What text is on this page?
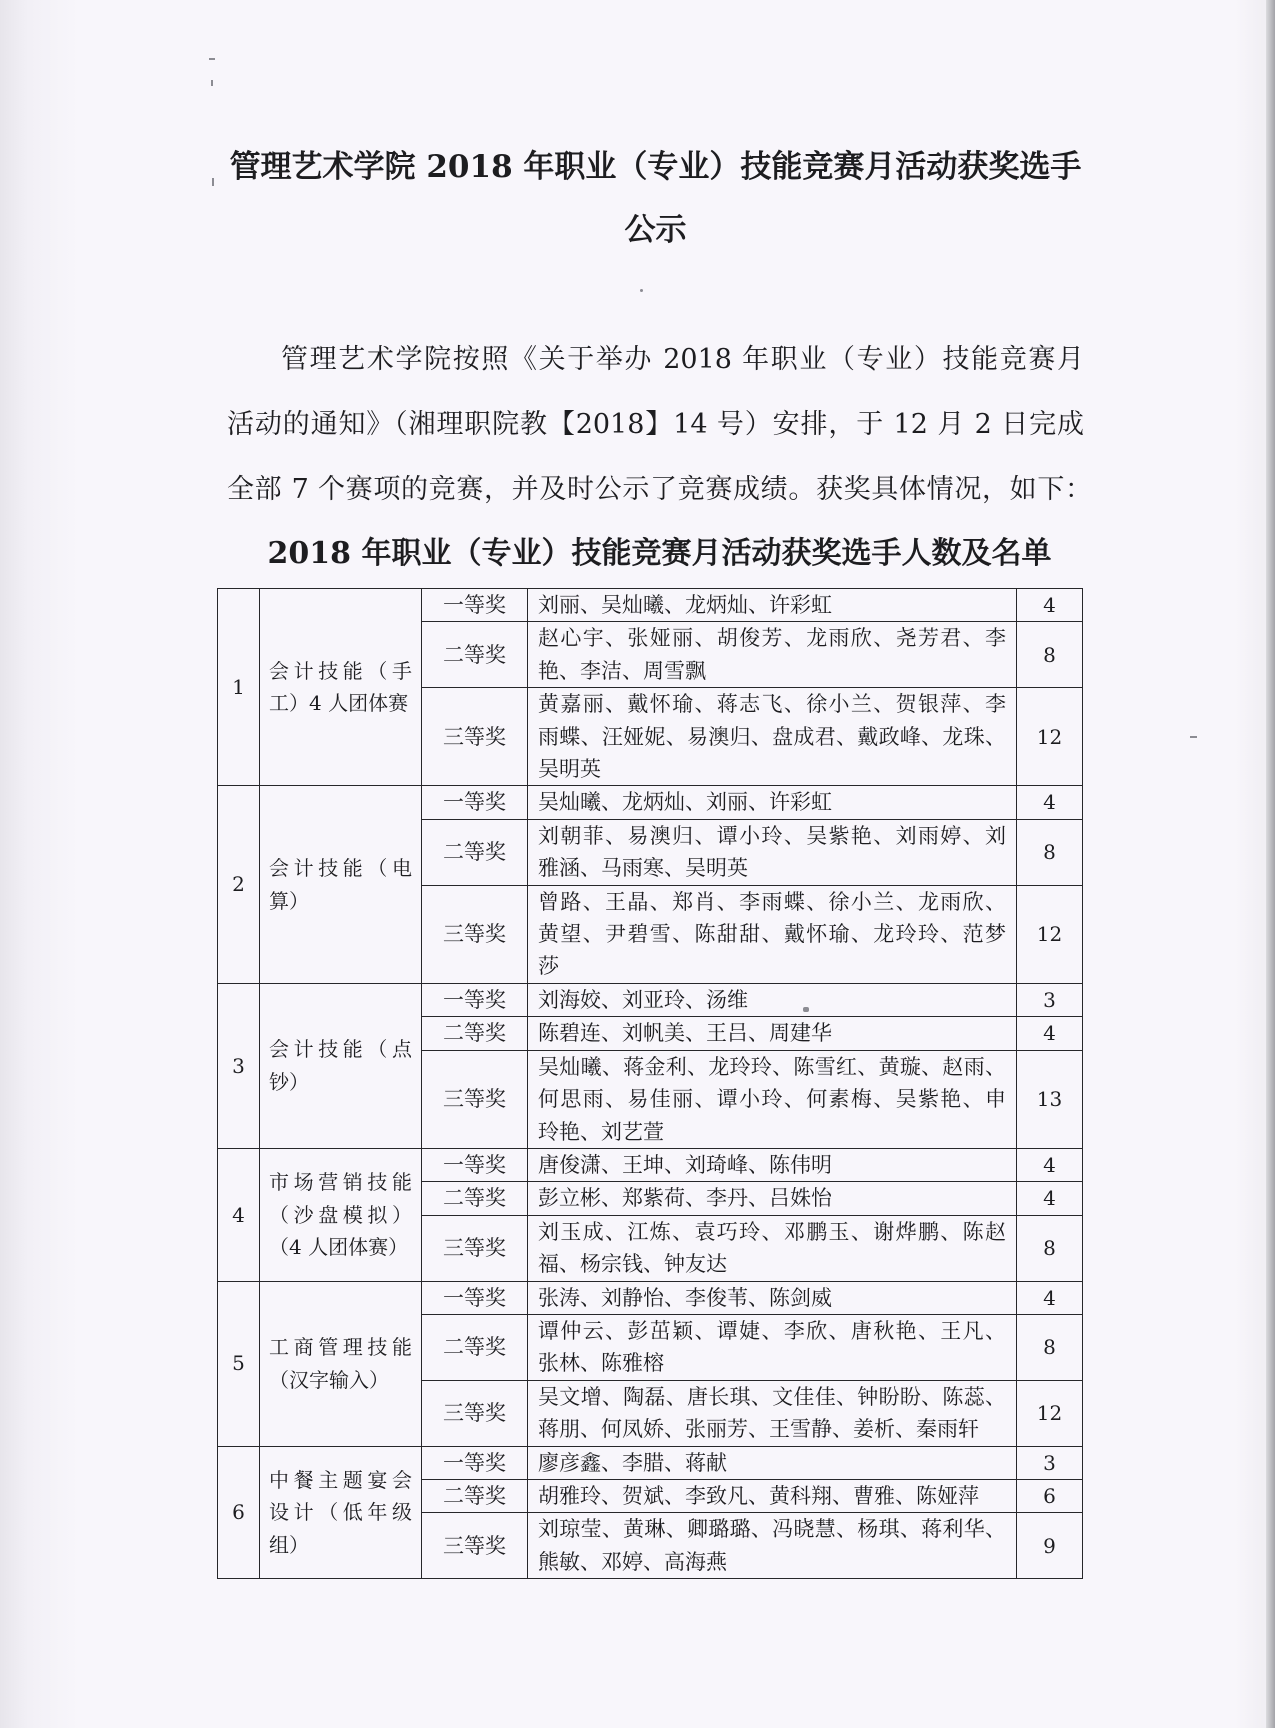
管理艺术学院 2018 年职业（专业）技能竞赛月活动获奖选手
公示
管理艺术学院按照《关于举办 2018 年职业（专业）技能竞赛月
活动的通知》（湘理职院教【2018】14 号）安排，于 12 月 2 日完成
全部 7 个赛项的竞赛，并及时公示了竞赛成绩。获奖具体情况，如下：
2018 年职业（专业）技能竞赛月活动获奖选手人数及名单
1	会计技能（手
工）4 人团体赛	一等奖	刘丽、吴灿曦、龙炳灿、许彩虹	4
		二等奖	赵心宇、张娅丽、胡俊芳、龙雨欣、尧芳君、李
艳、李洁、周雪飘	8
		三等奖	黄嘉丽、戴怀瑜、蒋志飞、徐小兰、贺银萍、李
雨蝶、汪娅妮、易澳归、盘成君、戴政峰、龙珠、
吴明英	12
2	会计技能（电
算）	一等奖	吴灿曦、龙炳灿、刘丽、许彩虹	4
		二等奖	刘朝菲、易澳归、谭小玲、吴紫艳、刘雨婷、刘
雅涵、马雨寒、吴明英	8
		三等奖	曾路、王晶、郑肖、李雨蝶、徐小兰、龙雨欣、
黄望、尹碧雪、陈甜甜、戴怀瑜、龙玲玲、范梦
莎	12
3	会计技能（点
钞）	一等奖	刘海姣、刘亚玲、汤维	3
		二等奖	陈碧连、刘帆美、王吕、周建华	4
		三等奖	吴灿曦、蒋金利、龙玲玲、陈雪红、黄璇、赵雨、
何思雨、易佳丽、谭小玲、何素梅、吴紫艳、申
玲艳、刘艺萱	13
4	市场营销技能
（沙盘模拟）
（4 人团体赛）	一等奖	唐俊潇、王坤、刘琦峰、陈伟明	4
		二等奖	彭立彬、郑紫荷、李丹、吕姝怡	4
		三等奖	刘玉成、江炼、袁巧玲、邓鹏玉、谢烨鹏、陈赵
福、杨宗钱、钟友达	8
5	工商管理技能
（汉字输入）	一等奖	张涛、刘静怡、李俊苇、陈剑威	4
		二等奖	谭仲云、彭茁颖、谭婕、李欣、唐秋艳、王凡、
张林、陈雅榕	8
		三等奖	吴文增、陶磊、唐长琪、文佳佳、钟盼盼、陈蕊、
蒋朋、何凤娇、张丽芳、王雪静、姜析、秦雨轩	12
6	中餐主题宴会
设计（低年级
组）	一等奖	廖彦鑫、李腊、蒋献	3
		二等奖	胡雅玲、贺斌、李致凡、黄科翔、曹雅、陈娅萍	6
		三等奖	刘琼莹、黄琳、卿璐璐、冯晓慧、杨琪、蒋利华、
熊敏、邓婷、高海燕	9
